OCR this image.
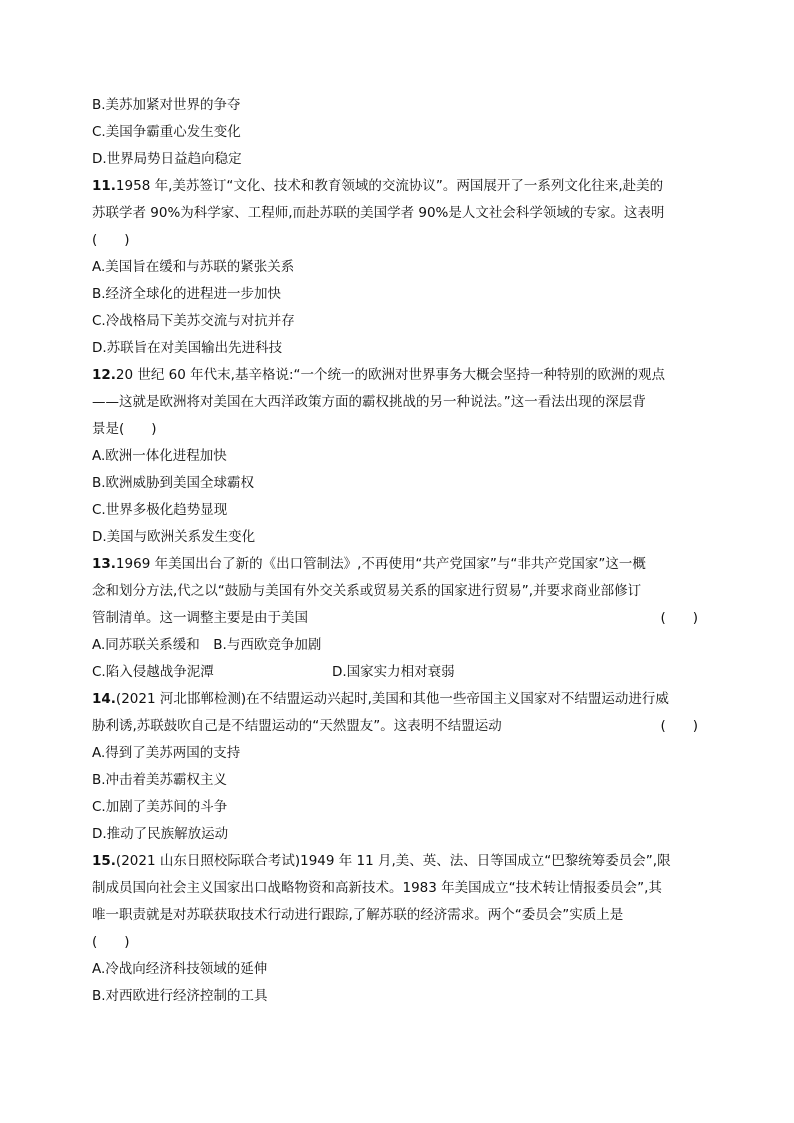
B.美苏加紧对世界的争夺
C.美国争霸重心发生变化
D.世界局势日益趋向稳定
11.1958 年,美苏签订“文化、技术和教育领域的交流协议”。两国展开了一系列文化往来,赴美的
苏联学者 90%为科学家、工程师,而赴苏联的美国学者 90%是人文社会科学领域的专家。这表明
(　　)
A.美国旨在缓和与苏联的紧张关系
B.经济全球化的进程进一步加快
C.冷战格局下美苏交流与对抗并存
D.苏联旨在对美国输出先进科技
12.20 世纪 60 年代末,基辛格说:“一个统一的欧洲对世界事务大概会坚持一种特别的欧洲的观点
——这就是欧洲将对美国在大西洋政策方面的霸权挑战的另一种说法。”这一看法出现的深层背
景是(　　)
A.欧洲一体化进程加快
B.欧洲威胁到美国全球霸权
C.世界多极化趋势显现
D.美国与欧洲关系发生变化
13.1969 年美国出台了新的《出口管制法》,不再使用“共产党国家”与“非共产党国家”这一概
念和划分方法,代之以“鼓励与美国有外交关系或贸易关系的国家进行贸易”,并要求商业部修订
管制清单。这一调整主要是由于美国	(　　)
A.同苏联关系缓和　B.与西欧竞争加剧
C.陷入侵越战争泥潭	D.国家实力相对衰弱
14.(2021 河北邯郸检测)在不结盟运动兴起时,美国和其他一些帝国主义国家对不结盟运动进行威
胁利诱,苏联鼓吹自己是不结盟运动的“天然盟友”。这表明不结盟运动	(　　)
A.得到了美苏两国的支持
B.冲击着美苏霸权主义
C.加剧了美苏间的斗争
D.推动了民族解放运动
15.(2021 山东日照校际联合考试)1949 年 11 月,美、英、法、日等国成立“巴黎统筹委员会”,限
制成员国向社会主义国家出口战略物资和高新技术。1983 年美国成立“技术转让情报委员会”,其
唯一职责就是对苏联获取技术行动进行跟踪,了解苏联的经济需求。两个“委员会”实质上是
(　　)
A.冷战向经济科技领域的延伸
B.对西欧进行经济控制的工具
